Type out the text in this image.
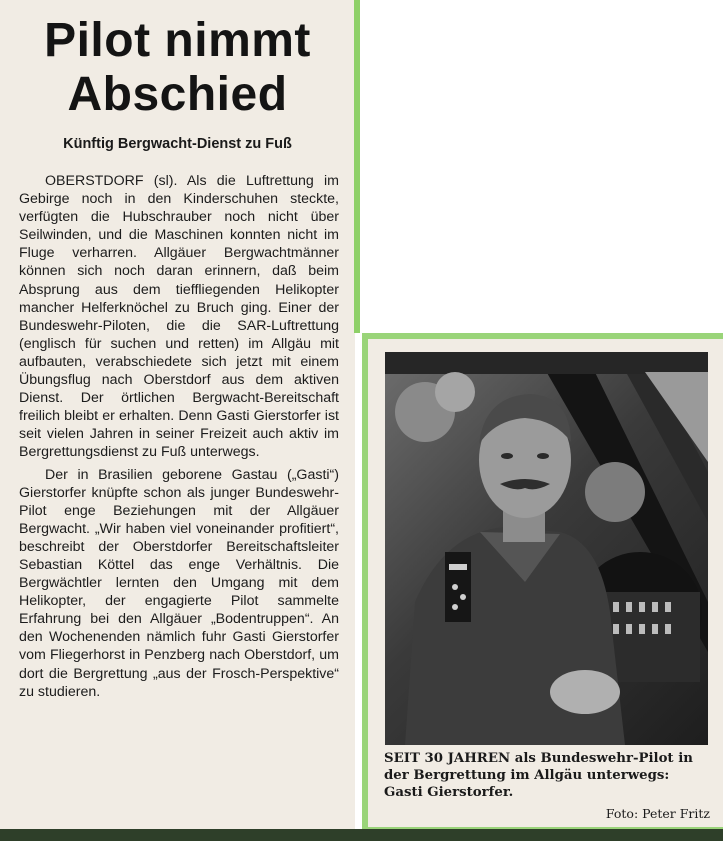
Pilot nimmt
Abschied
Künftig Bergwacht-Dienst zu Fuß

OBERSTDORF (sl). Als die Luftrettung im Gebirge noch in den Kinderschuhen steckte, verfügten die Hubschrauber noch nicht über Seilwinden, und die Maschinen konnten nicht im Fluge verharren. Allgäuer Bergwachtmänner können sich noch daran erinnern, daß beim Absprung aus dem tieffliegenden Helikopter mancher Helferknöchel zu Bruch ging. Einer der Bundeswehr-Piloten, die die SAR-Luftrettung (englisch für suchen und retten) im Allgäu mit aufbauten, verabschiedete sich jetzt mit einem Übungsflug nach Oberstdorf aus dem aktiven Dienst. Der örtlichen Bergwacht-Bereitschaft freilich bleibt er erhalten. Denn Gasti Gierstorfer ist seit vielen Jahren in seiner Freizeit auch aktiv im Bergrettungsdienst zu Fuß unterwegs.

Der in Brasilien geborene Gastau („Gasti“) Gierstorfer knüpfte schon als junger Bundeswehr-Pilot enge Beziehungen mit der Allgäuer Bergwacht. „Wir haben viel voneinander profitiert“, beschreibt der Oberstdorfer Bereitschaftsleiter Sebastian Köttel das enge Verhältnis. Die Bergwächtler lernten den Umgang mit dem Helikopter, der engagierte Pilot sammelte Erfahrung bei den Allgäuer „Bodentruppen“. An den Wochenenden nämlich fuhr Gasti Gierstorfer vom Fliegerhorst in Penzberg nach Oberstdorf, um dort die Bergrettung „aus der Frosch-Perspektive“ zu studieren.

SEIT 30 JAHREN als Bundeswehr-Pilot in der Bergrettung im Allgäu unterwegs: Gasti Gierstorfer.
Foto: Peter Fritz
